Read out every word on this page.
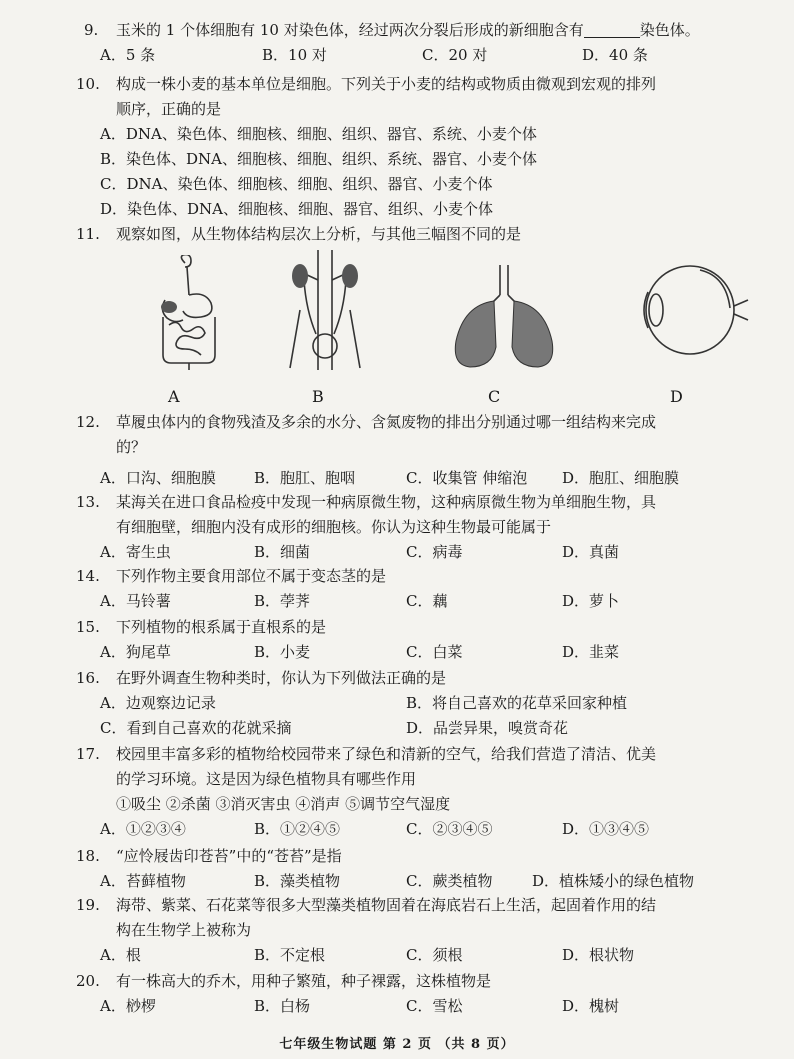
9. 玉米的 1 个体细胞有 10 对染色体，经过两次分裂后形成的新细胞含有	染色体。
A．5 条	B．10 对	C．20 对	D．40 条
10. 构成一株小麦的基本单位是细胞。下列关于小麦的结构或物质由微观到宏观的排列
顺序，正确的是
A．DNA、染色体、细胞核、细胞、组织、器官、系统、小麦个体
B．染色体、DNA、细胞核、细胞、组织、系统、器官、小麦个体
C．DNA、染色体、细胞核、细胞、组织、器官、小麦个体
D．染色体、DNA、细胞核、细胞、器官、组织、小麦个体
11. 观察如图，从生物体结构层次上分析，与其他三幅图不同的是
A	B	C	D
12. 草履虫体内的食物残渣及多余的水分、含氮废物的排出分别通过哪一组结构来完成
的？
A．口沟、细胞膜	B．胞肛、胞咽	C．收集管 伸缩泡 D．胞肛、细胞膜
13. 某海关在进口食品检疫中发现一种病原微生物，这种病原微生物为单细胞生物，具
有细胞壁，细胞内没有成形的细胞核。你认为这种生物最可能属于
A．寄生虫	B．细菌	C．病毒	D．真菌
14. 下列作物主要食用部位不属于变态茎的是
A．马铃薯	B．荸荠	C．藕	D．萝卜
15. 下列植物的根系属于直根系的是
A．狗尾草	B．小麦	C．白菜	D．韭菜
16. 在野外调查生物种类时，你认为下列做法正确的是
A．边观察边记录	B．将自己喜欢的花草采回家种植
C．看到自己喜欢的花就采摘	D．品尝异果，嗅赏奇花
17. 校园里丰富多彩的植物给校园带来了绿色和清新的空气，给我们营造了清洁、优美
的学习环境。这是因为绿色植物具有哪些作用
①吸尘 ②杀菌 ③消灭害虫 ④消声 ⑤调节空气湿度
A．①②③④	B．①②④⑤	C．②③④⑤	D．①③④⑤
18. “应怜屐齿印苍苔”中的“苍苔”是指
A．苔藓植物	B．藻类植物	C．蕨类植物	D．植株矮小的绿色植物
19. 海带、紫菜、石花菜等很多大型藻类植物固着在海底岩石上生活，起固着作用的结
构在生物学上被称为
A．根	B．不定根	C．须根	D．根状物
20. 有一株高大的乔木，用种子繁殖，种子裸露，这株植物是
A．桫椤	B．白杨	C．雪松	D．槐树
七年级生物试题 第 2 页 （共 8 页）
